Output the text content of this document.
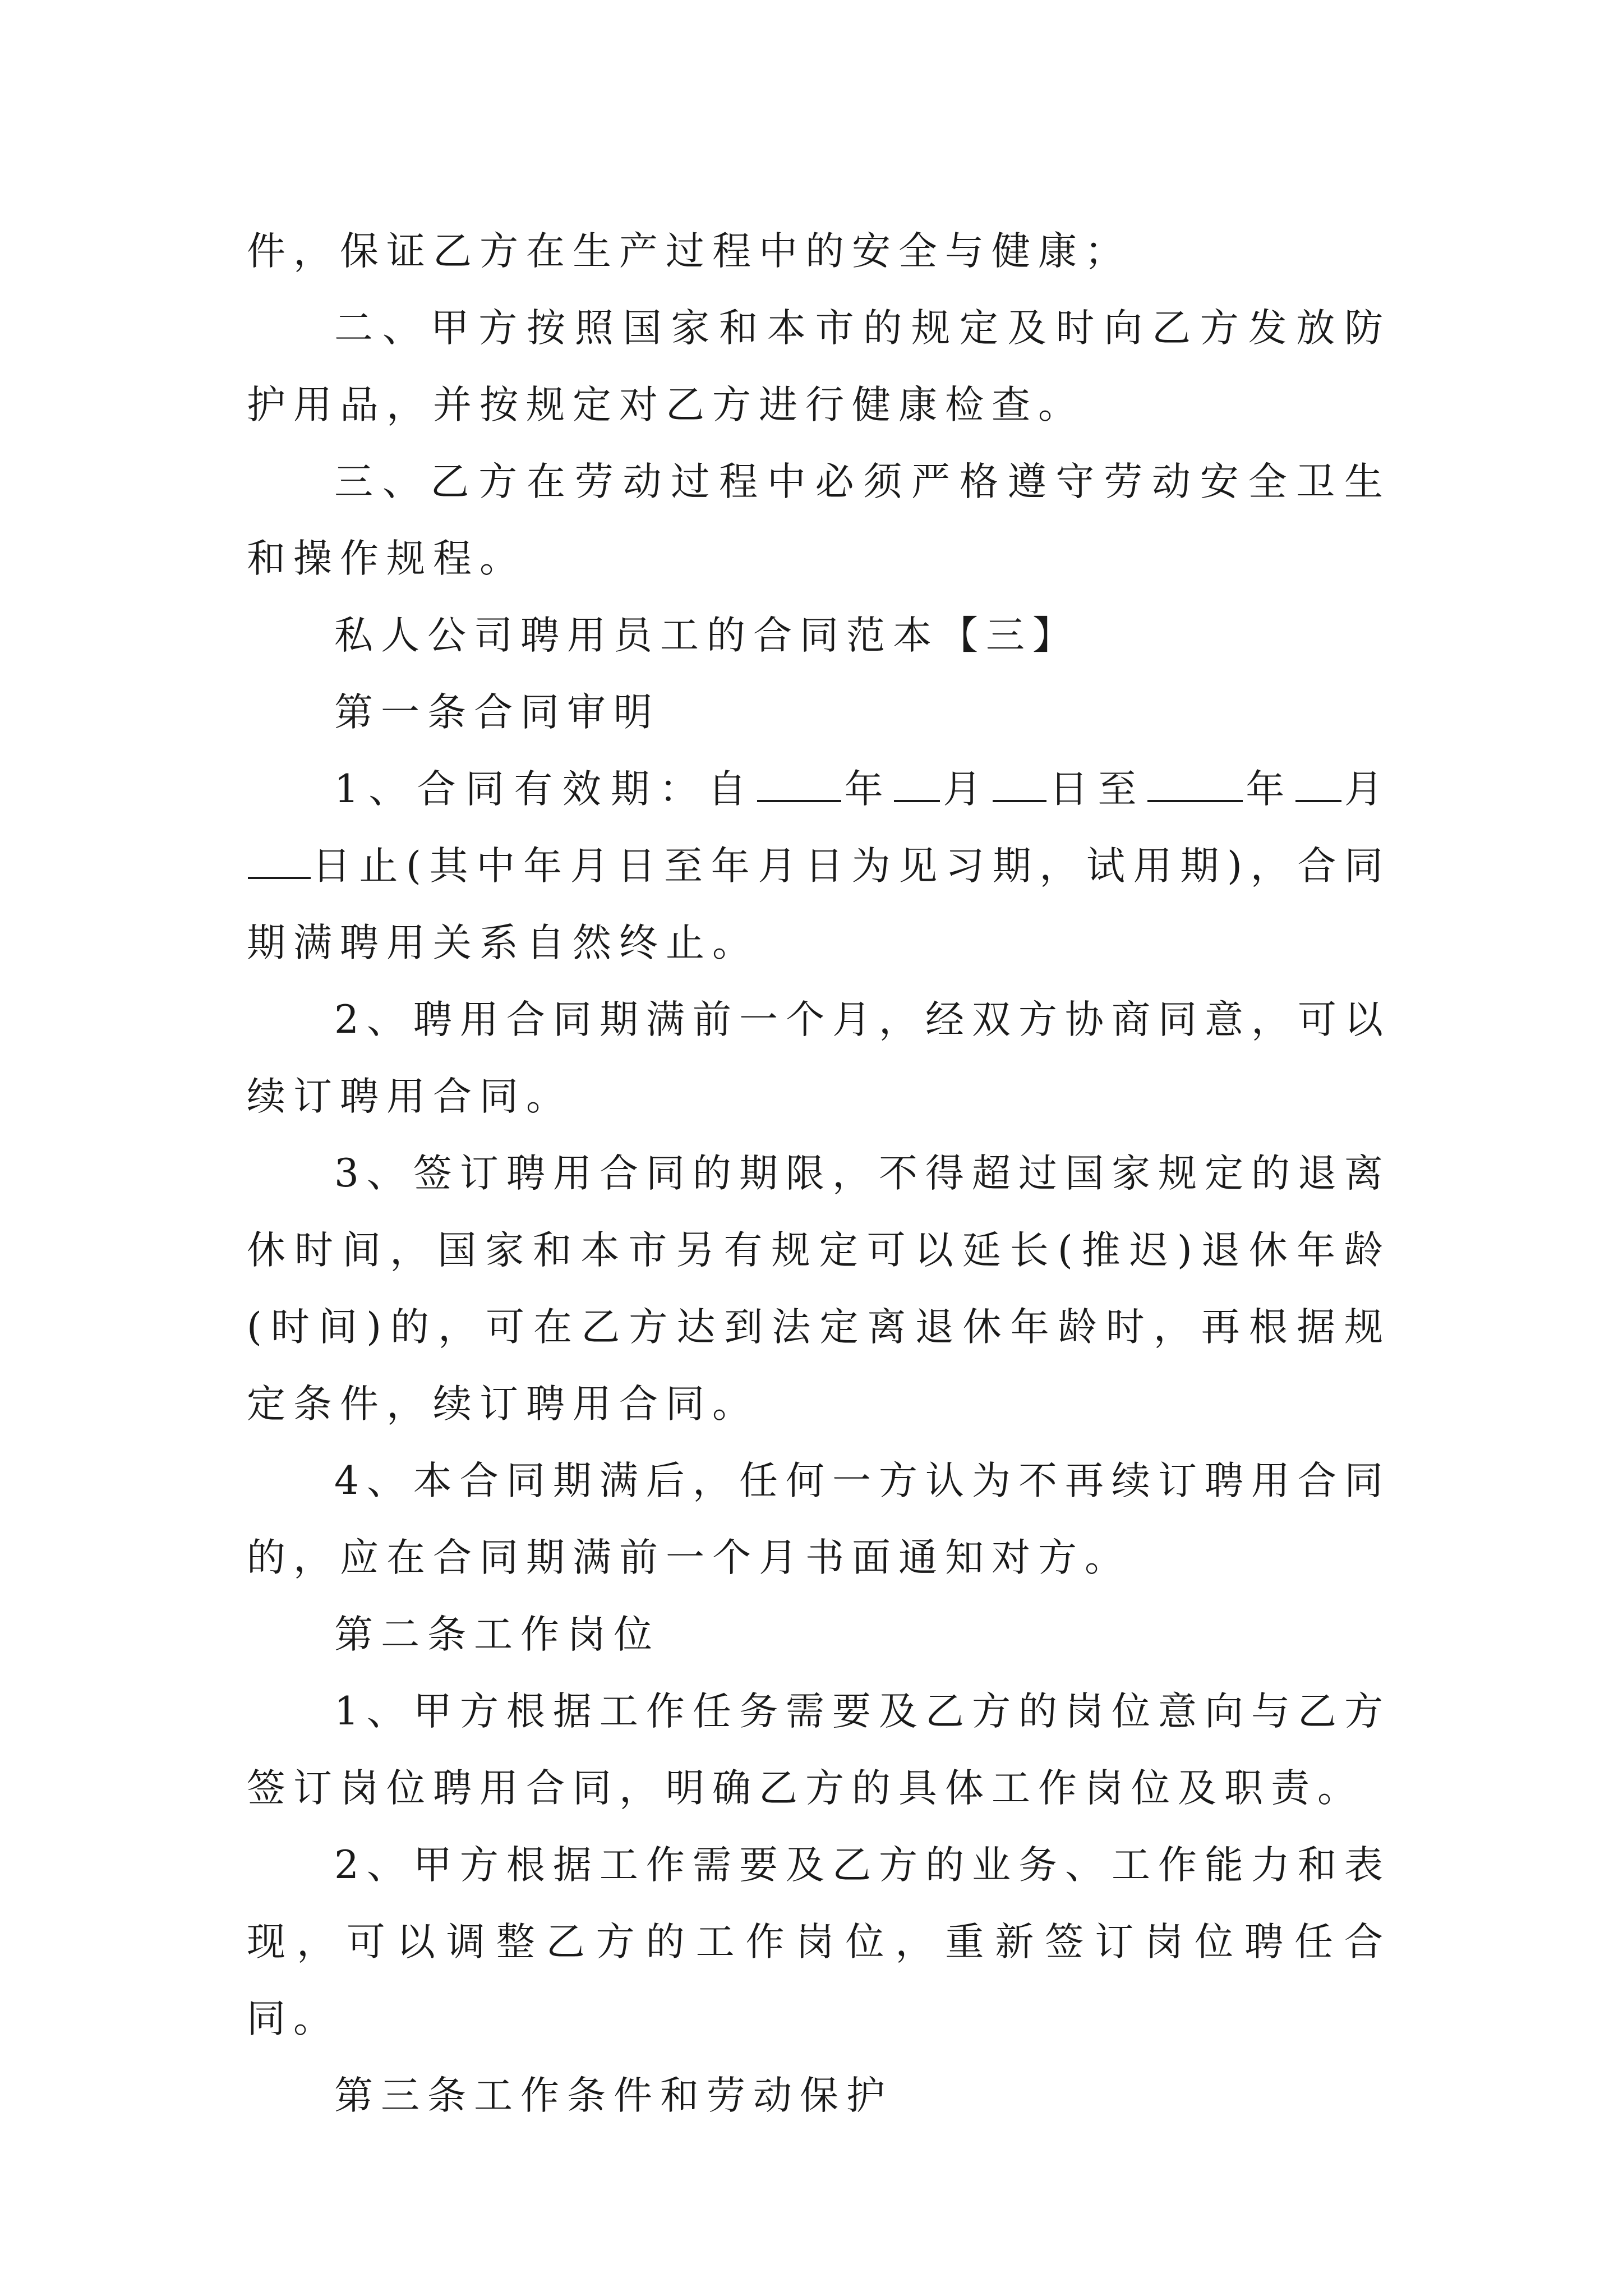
件，保证乙方在生产过程中的安全与健康；

二、甲方按照国家和本市的规定及时向乙方发放防护用品，并按规定对乙方进行健康检查。

三、乙方在劳动过程中必须严格遵守劳动安全卫生和操作规程。

私人公司聘用员工的合同范本【三】

第一条合同审明

1、合同有效期：自 年 月 日至	年 月日止(其中年月日至年月日为见习期，试用期)，合同期满聘用关系自然终止。

2、聘用合同期满前一个月，经双方协商同意，可以续订聘用合同。

3、签订聘用合同的期限，不得超过国家规定的退离休时间，国家和本市另有规定可以延长(推迟)退休年龄(时间)的，可在乙方达到法定离退休年龄时，再根据规定条件，续订聘用合同。

4、本合同期满后，任何一方认为不再续订聘用合同的，应在合同期满前一个月书面通知对方。

第二条工作岗位

1、甲方根据工作任务需要及乙方的岗位意向与乙方签订岗位聘用合同，明确乙方的具体工作岗位及职责。

2、甲方根据工作需要及乙方的业务、工作能力和表现，可以调整乙方的工作岗位，重新签订岗位聘任合同。

第三条工作条件和劳动保护
